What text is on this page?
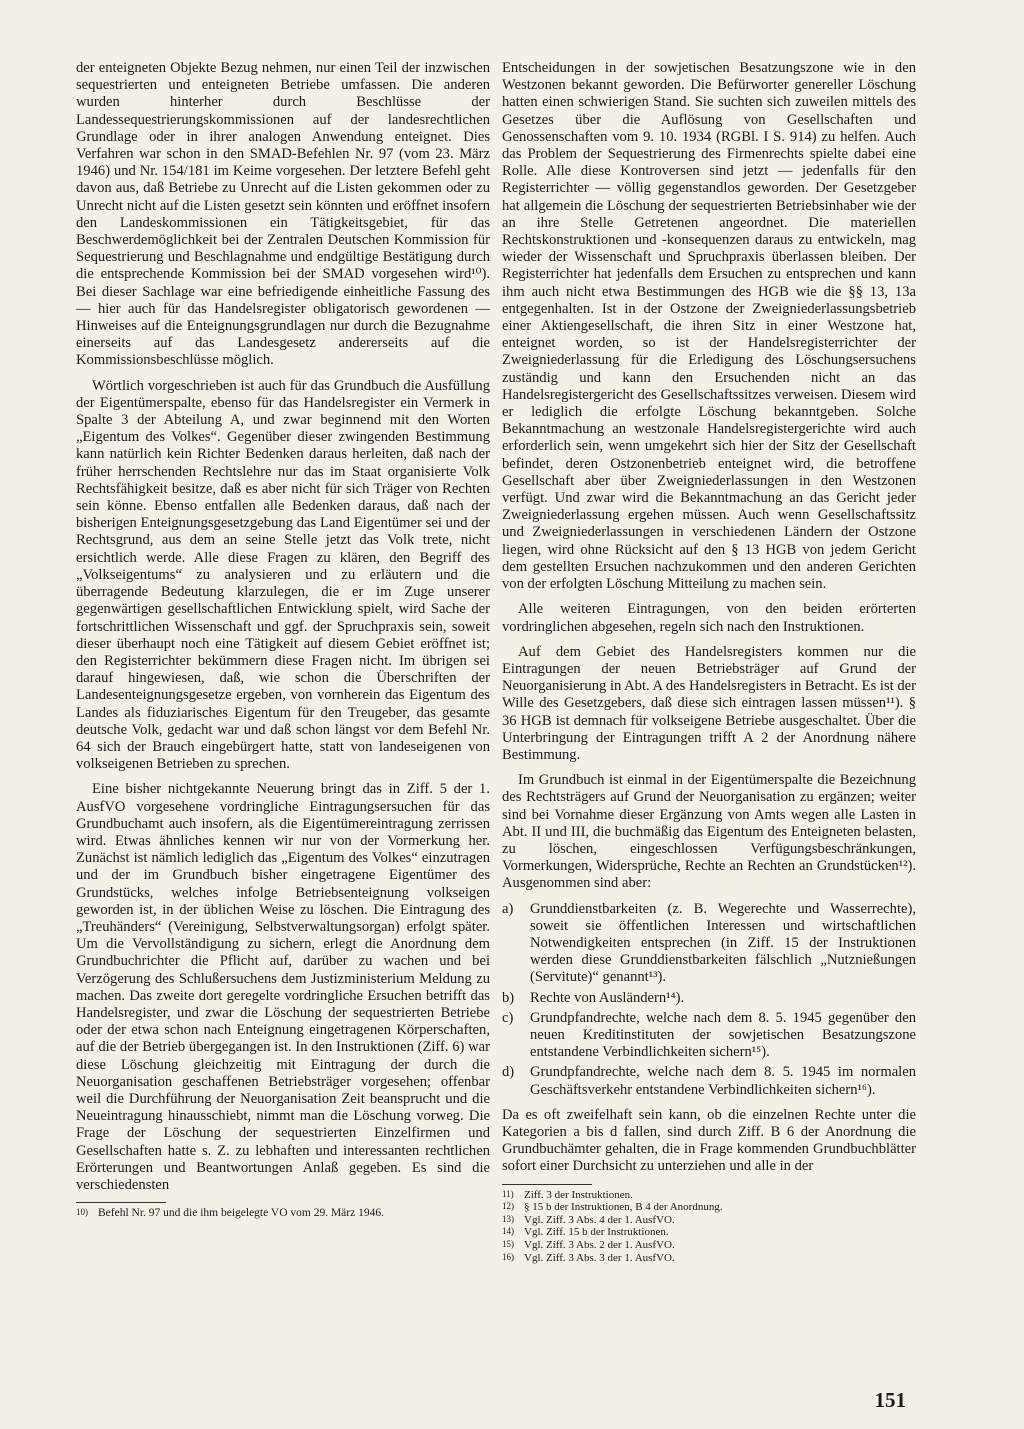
der enteigneten Objekte Bezug nehmen, nur einen Teil der inzwischen sequestrierten und enteigneten Betriebe umfassen. Die anderen wurden hinterher durch Beschlüsse der Landessequestrierungskommissionen auf der landesrechtlichen Grundlage oder in ihrer analogen Anwendung enteignet. Dies Verfahren war schon in den SMAD-Befehlen Nr. 97 (vom 23. März 1946) und Nr. 154/181 im Keime vorgesehen. Der letztere Befehl geht davon aus, daß Betriebe zu Unrecht auf die Listen gekommen oder zu Unrecht nicht auf die Listen gesetzt sein könnten und eröffnet insofern den Landeskommissionen ein Tätigkeitsgebiet, für das Beschwerdemöglichkeit bei der Zentralen Deutschen Kommission für Sequestrierung und Beschlagnahme und endgültige Bestätigung durch die entsprechende Kommission bei der SMAD vorgesehen wird¹⁰). Bei dieser Sachlage war eine befriedigende einheitliche Fassung des — hier auch für das Handelsregister obligatorisch gewordenen — Hinweises auf die Enteignungsgrundlagen nur durch die Bezugnahme einerseits auf das Landesgesetz andererseits auf die Kommissionsbeschlüsse möglich.

Wörtlich vorgeschrieben ist auch für das Grundbuch die Ausfüllung der Eigentümerspalte, ebenso für das Handelsregister ein Vermerk in Spalte 3 der Abteilung A, und zwar beginnend mit den Worten „Eigentum des Volkes“. Gegenüber dieser zwingenden Bestimmung kann natürlich kein Richter Bedenken daraus herleiten, daß nach der früher herrschenden Rechtslehre nur das im Staat organisierte Volk Rechtsfähigkeit besitze, daß es aber nicht für sich Träger von Rechten sein könne. Ebenso entfallen alle Bedenken daraus, daß nach der bisherigen Enteignungsgesetzgebung das Land Eigentümer sei und der Rechtsgrund, aus dem an seine Stelle jetzt das Volk trete, nicht ersichtlich werde. Alle diese Fragen zu klären, den Begriff des „Volkseigentums“ zu analysieren und zu erläutern und die überragende Bedeutung klarzulegen, die er im Zuge unserer gegenwärtigen gesellschaftlichen Entwicklung spielt, wird Sache der fortschrittlichen Wissenschaft und ggf. der Spruchpraxis sein, soweit dieser überhaupt noch eine Tätigkeit auf diesem Gebiet eröffnet ist; den Registerrichter bekümmern diese Fragen nicht. Im übrigen sei darauf hingewiesen, daß, wie schon die Überschriften der Landesenteignungsgesetze ergeben, von vornherein das Eigentum des Landes als fiduziarisches Eigentum für den Treugeber, das gesamte deutsche Volk, gedacht war und daß schon längst vor dem Befehl Nr. 64 sich der Brauch eingebürgert hatte, statt von landeseigenen von volkseigenen Betrieben zu sprechen.

Eine bisher nichtgekannte Neuerung bringt das in Ziff. 5 der 1. AusfVO vorgesehene vordringliche Eintragungsersuchen für das Grundbuchamt auch insofern, als die Eigentümereintragung zerrissen wird. Etwas ähnliches kennen wir nur von der Vormerkung her. Zunächst ist nämlich lediglich das „Eigentum des Volkes“ einzutragen und der im Grundbuch bisher eingetragene Eigentümer des Grundstücks, welches infolge Betriebsenteignung volkseigen geworden ist, in der üblichen Weise zu löschen. Die Eintragung des „Treuhänders“ (Vereinigung, Selbstverwaltungsorgan) erfolgt später. Um die Vervollständigung zu sichern, erlegt die Anordnung dem Grundbuchrichter die Pflicht auf, darüber zu wachen und bei Verzögerung des Schlußersuchens dem Justizministerium Meldung zu machen. Das zweite dort geregelte vordringliche Ersuchen betrifft das Handelsregister, und zwar die Löschung der sequestrierten Betriebe oder der etwa schon nach Enteignung eingetragenen Körperschaften, auf die der Betrieb übergegangen ist. In den Instruktionen (Ziff. 6) war diese Löschung gleichzeitig mit Eintragung der durch die Neuorganisation geschaffenen Betriebsträger vorgesehen; offenbar weil die Durchführung der Neuorganisation Zeit beansprucht und die Neueintragung hinausschiebt, nimmt man die Löschung vorweg. Die Frage der Löschung der sequestrierten Einzelfirmen und Gesellschaften hatte s. Z. zu lebhaften und interessanten rechtlichen Erörterungen und Beantwortungen Anlaß gegeben. Es sind die verschiedensten

10) Befehl Nr. 97 und die ihm beigelegte VO vom 29. März 1946.

Entscheidungen in der sowjetischen Besatzungszone wie in den Westzonen bekannt geworden. Die Befürworter genereller Löschung hatten einen schwierigen Stand. Sie suchten sich zuweilen mittels des Gesetzes über die Auflösung von Gesellschaften und Genossenschaften vom 9. 10. 1934 (RGBl. I S. 914) zu helfen. Auch das Problem der Sequestrierung des Firmenrechts spielte dabei eine Rolle. Alle diese Kontroversen sind jetzt — jedenfalls für den Registerrichter — völlig gegenstandlos geworden. Der Gesetzgeber hat allgemein die Löschung der sequestrierten Betriebsinhaber wie der an ihre Stelle Getretenen angeordnet. Die materiellen Rechtskonstruktionen und -konsequenzen daraus zu entwickeln, mag wieder der Wissenschaft und Spruchpraxis überlassen bleiben. Der Registerrichter hat jedenfalls dem Ersuchen zu entsprechen und kann ihm auch nicht etwa Bestimmungen des HGB wie die §§ 13, 13a entgegenhalten. Ist in der Ostzone der Zweigniederlassungsbetrieb einer Aktiengesellschaft, die ihren Sitz in einer Westzone hat, enteignet worden, so ist der Handelsregisterrichter der Zweigniederlassung für die Erledigung des Löschungsersuchens zuständig und kann den Ersuchenden nicht an das Handelsregistergericht des Gesellschaftssitzes verweisen. Diesem wird er lediglich die erfolgte Löschung bekanntgeben. Solche Bekanntmachung an westzonale Handelsregistergerichte wird auch erforderlich sein, wenn umgekehrt sich hier der Sitz der Gesellschaft befindet, deren Ostzonenbetrieb enteignet wird, die betroffene Gesellschaft aber über Zweigniederlassungen in den Westzonen verfügt. Und zwar wird die Bekanntmachung an das Gericht jeder Zweigniederlassung ergehen müssen. Auch wenn Gesellschaftssitz und Zweigniederlassungen in verschiedenen Ländern der Ostzone liegen, wird ohne Rücksicht auf den § 13 HGB von jedem Gericht dem gestellten Ersuchen nachzukommen und den anderen Gerichten von der erfolgten Löschung Mitteilung zu machen sein.

Alle weiteren Eintragungen, von den beiden erörterten vordringlichen abgesehen, regeln sich nach den Instruktionen.

Auf dem Gebiet des Handelsregisters kommen nur die Eintragungen der neuen Betriebsträger auf Grund der Neuorganisierung in Abt. A des Handelsregisters in Betracht. Es ist der Wille des Gesetzgebers, daß diese sich eintragen lassen müssen¹¹). § 36 HGB ist demnach für volkseigene Betriebe ausgeschaltet. Über die Unterbringung der Eintragungen trifft A 2 der Anordnung nähere Bestimmung.

Im Grundbuch ist einmal in der Eigentümerspalte die Bezeichnung des Rechtsträgers auf Grund der Neuorganisation zu ergänzen; weiter sind bei Vornahme dieser Ergänzung von Amts wegen alle Lasten in Abt. II und III, die buchmäßig das Eigentum des Enteigneten belasten, zu löschen, eingeschlossen Verfügungsbeschränkungen, Vormerkungen, Widersprüche, Rechte an Rechten an Grundstücken¹²). Ausgenommen sind aber:

a) Grunddienstbarkeiten (z. B. Wegerechte und Wasserrechte), soweit sie öffentlichen Interessen und wirtschaftlichen Notwendigkeiten entsprechen (in Ziff. 15 der Instruktionen werden diese Grunddienstbarkeiten fälschlich „Nutznießungen (Servitute)“ genannt¹³).
b) Rechte von Ausländern¹⁴).
c) Grundpfandrechte, welche nach dem 8. 5. 1945 gegenüber den neuen Kreditinstituten der sowjetischen Besatzungszone entstandene Verbindlichkeiten sichern¹⁵).
d) Grundpfandrechte, welche nach dem 8. 5. 1945 im normalen Geschäftsverkehr entstandene Verbindlichkeiten sichern¹⁶).

Da es oft zweifelhaft sein kann, ob die einzelnen Rechte unter die Kategorien a bis d fallen, sind durch Ziff. B 6 der Anordnung die Grundbuchämter gehalten, die in Frage kommenden Grundbuchblätter sofort einer Durchsicht zu unterziehen und alle in der

11) Ziff. 3 der Instruktionen.
12) § 15 b der Instruktionen, B 4 der Anordnung.
13) Vgl. Ziff. 3 Abs. 4 der 1. AusfVO.
14) Vgl. Ziff. 15 b der Instruktionen.
15) Vgl. Ziff. 3 Abs. 2 der 1. AusfVO.
16) Vgl. Ziff. 3 Abs. 3 der 1. AusfVO.
151
